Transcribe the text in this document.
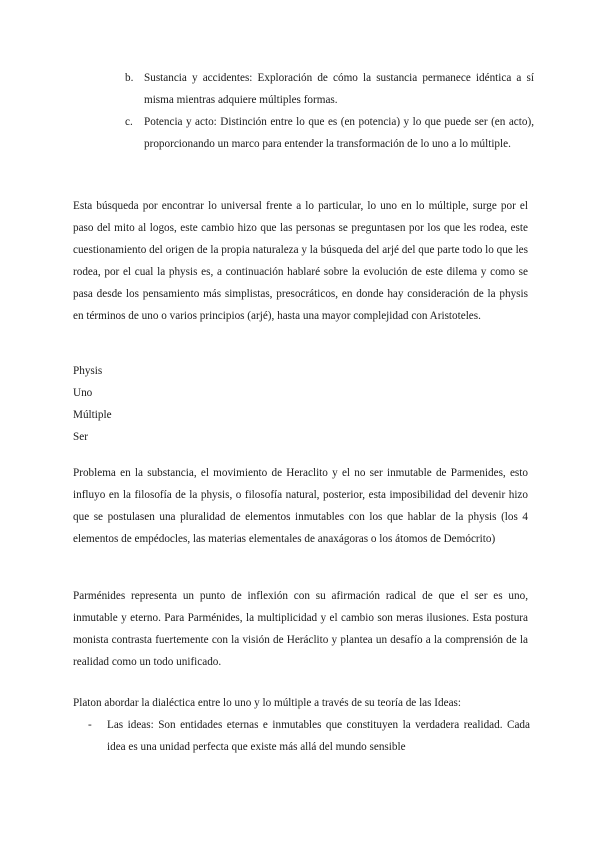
b. Sustancia y accidentes: Exploración de cómo la sustancia permanece idéntica a sí misma mientras adquiere múltiples formas.
c. Potencia y acto: Distinción entre lo que es (en potencia) y lo que puede ser (en acto), proporcionando un marco para entender la transformación de lo uno a lo múltiple.

Esta búsqueda por encontrar lo universal frente a lo particular, lo uno en lo múltiple, surge por el paso del mito al logos, este cambio hizo que las personas se preguntasen por los que les rodea, este cuestionamiento del origen de la propia naturaleza y la búsqueda del arjé del que parte todo lo que les rodea, por el cual la physis es, a continuación hablaré sobre la evolución de este dilema y como se pasa desde los pensamiento más simplistas, presocráticos, en donde hay consideración de la physis en términos de uno o varios principios (arjé), hasta una mayor complejidad con Aristoteles.

Physis
Uno
Múltiple
Ser

Problema en la substancia, el movimiento de Heraclito y el no ser inmutable de Parmenides, esto influyo en la filosofía de la physis, o filosofía natural, posterior, esta imposibilidad del devenir hizo que se postulasen una pluralidad de elementos inmutables con los que hablar de la physis (los 4 elementos de empédocles, las materias elementales de anaxágoras o los átomos de Demócrito)

Parménides representa un punto de inflexión con su afirmación radical de que el ser es uno, inmutable y eterno. Para Parménides, la multiplicidad y el cambio son meras ilusiones. Esta postura monista contrasta fuertemente con la visión de Heráclito y plantea un desafío a la comprensión de la realidad como un todo unificado.

Platon abordar la dialéctica entre lo uno y lo múltiple a través de su teoría de las Ideas:

- Las ideas: Son entidades eternas e inmutables que constituyen la verdadera realidad. Cada idea es una unidad perfecta que existe más allá del mundo sensible
